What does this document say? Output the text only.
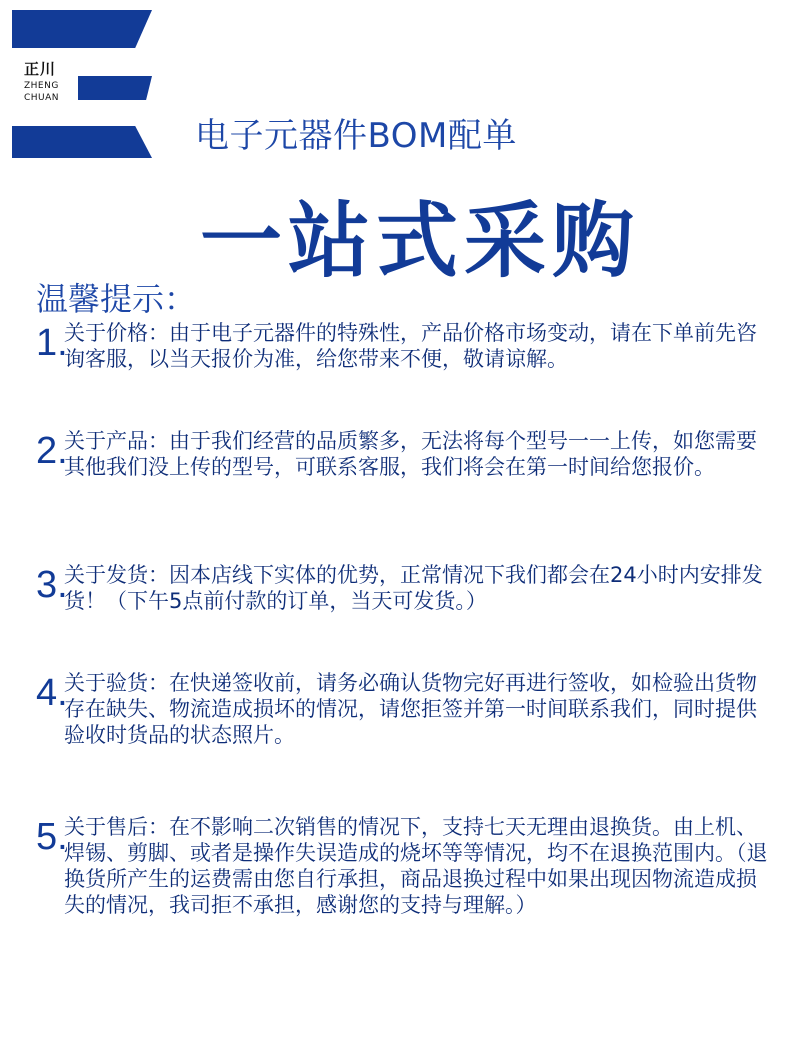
正川
ZHENG
CHUAN
电子元器件BOM配单
一站式采购
温馨提示：
1.
关于价格：由于电子元器件的特殊性，产品价格市场变动，请在下单前先咨询客服，以当天报价为准，给您带来不便，敬请谅解。
2.
关于产品：由于我们经营的品质繁多，无法将每个型号一一上传，如您需要其他我们没上传的型号，可联系客服，我们将会在第一时间给您报价。
3.
关于发货：因本店线下实体的优势，正常情况下我们都会在24小时内安排发货！（下午5点前付款的订单，当天可发货。）
4.
关于验货：在快递签收前，请务必确认货物完好再进行签收，如检验出货物存在缺失、物流造成损坏的情况，请您拒签并第一时间联系我们，同时提供验收时货品的状态照片。
5.
关于售后：在不影响二次销售的情况下，支持七天无理由退换货。由上机、焊锡、剪脚、或者是操作失误造成的烧坏等等情况，均不在退换范围内。（退换货所产生的运费需由您自行承担，商品退换过程中如果出现因物流造成损失的情况，我司拒不承担，感谢您的支持与理解。）
